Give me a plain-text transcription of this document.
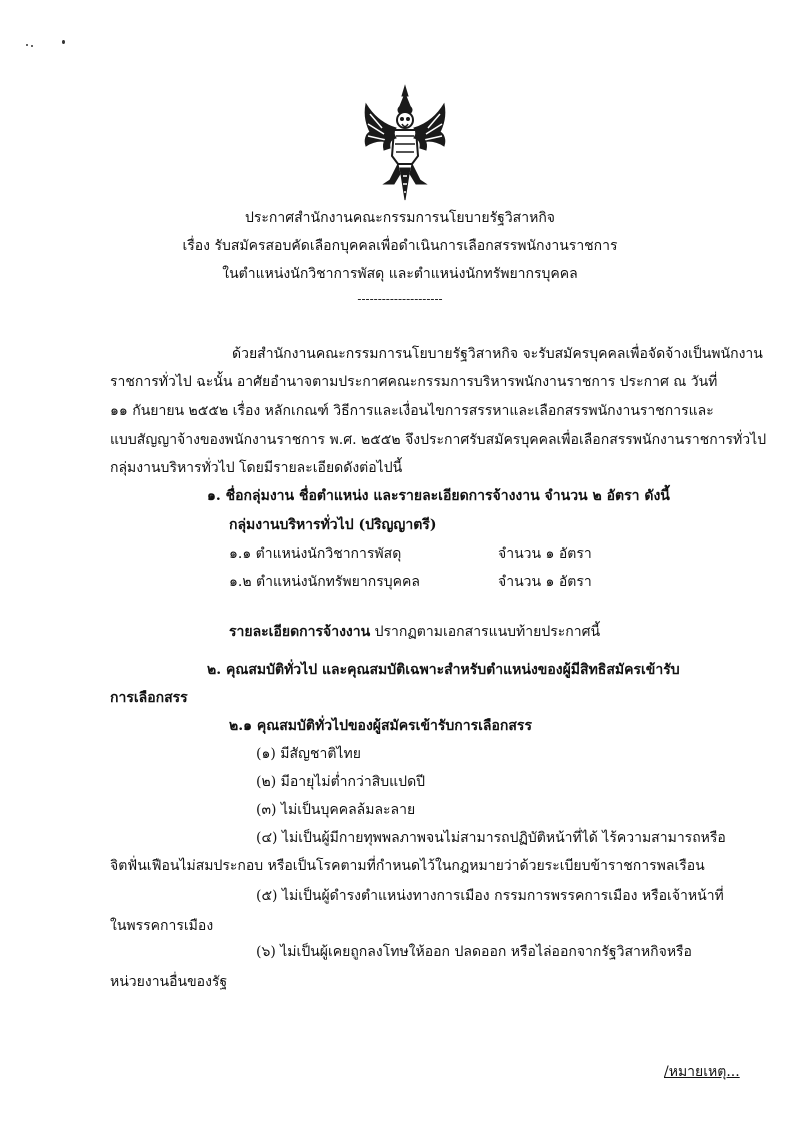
ประกาศสำนักงานคณะกรรมการนโยบายรัฐวิสาหกิจ
เรื่อง รับสมัครสอบคัดเลือกบุคคลเพื่อดำเนินการเลือกสรรพนักงานราชการ
ในตำแหน่งนักวิชาการพัสดุ และตำแหน่งนักทรัพยากรบุคคล
---------------------
ด้วยสำนักงานคณะกรรมการนโยบายรัฐวิสาหกิจ จะรับสมัครบุคคลเพื่อจัดจ้างเป็นพนักงาน
ราชการทั่วไป ฉะนั้น อาศัยอำนาจตามประกาศคณะกรรมการบริหารพนักงานราชการ ประกาศ ณ วันที่
๑๑ กันยายน ๒๕๕๒ เรื่อง หลักเกณฑ์ วิธีการและเงื่อนไขการสรรหาและเลือกสรรพนักงานราชการและ
แบบสัญญาจ้างของพนักงานราชการ พ.ศ. ๒๕๕๒ จึงประกาศรับสมัครบุคคลเพื่อเลือกสรรพนักงานราชการทั่วไป
กลุ่มงานบริหารทั่วไป โดยมีรายละเอียดดังต่อไปนี้
๑. ชื่อกลุ่มงาน ชื่อตำแหน่ง และรายละเอียดการจ้างงาน จำนวน ๒ อัตรา ดังนี้
กลุ่มงานบริหารทั่วไป (ปริญญาตรี)
๑.๑ ตำแหน่งนักวิชาการพัสดุ	จำนวน ๑ อัตรา
๑.๒ ตำแหน่งนักทรัพยากรบุคคล	จำนวน ๑ อัตรา
รายละเอียดการจ้างงาน ปรากฏตามเอกสารแนบท้ายประกาศนี้
๒. คุณสมบัติทั่วไป และคุณสมบัติเฉพาะสำหรับตำแหน่งของผู้มีสิทธิสมัครเข้ารับ
การเลือกสรร
๒.๑ คุณสมบัติทั่วไปของผู้สมัครเข้ารับการเลือกสรร
(๑) มีสัญชาติไทย
(๒) มีอายุไม่ต่ำกว่าสิบแปดปี
(๓) ไม่เป็นบุคคลล้มละลาย
(๔) ไม่เป็นผู้มีกายทุพพลภาพจนไม่สามารถปฏิบัติหน้าที่ได้ ไร้ความสามารถหรือ
จิตฟั่นเฟือนไม่สมประกอบ หรือเป็นโรคตามที่กำหนดไว้ในกฎหมายว่าด้วยระเบียบข้าราชการพลเรือน
(๕) ไม่เป็นผู้ดำรงตำแหน่งทางการเมือง กรรมการพรรคการเมือง หรือเจ้าหน้าที่
ในพรรคการเมือง
(๖) ไม่เป็นผู้เคยถูกลงโทษให้ออก ปลดออก หรือไล่ออกจากรัฐวิสาหกิจหรือ
หน่วยงานอื่นของรัฐ
/หมายเหตุ...
